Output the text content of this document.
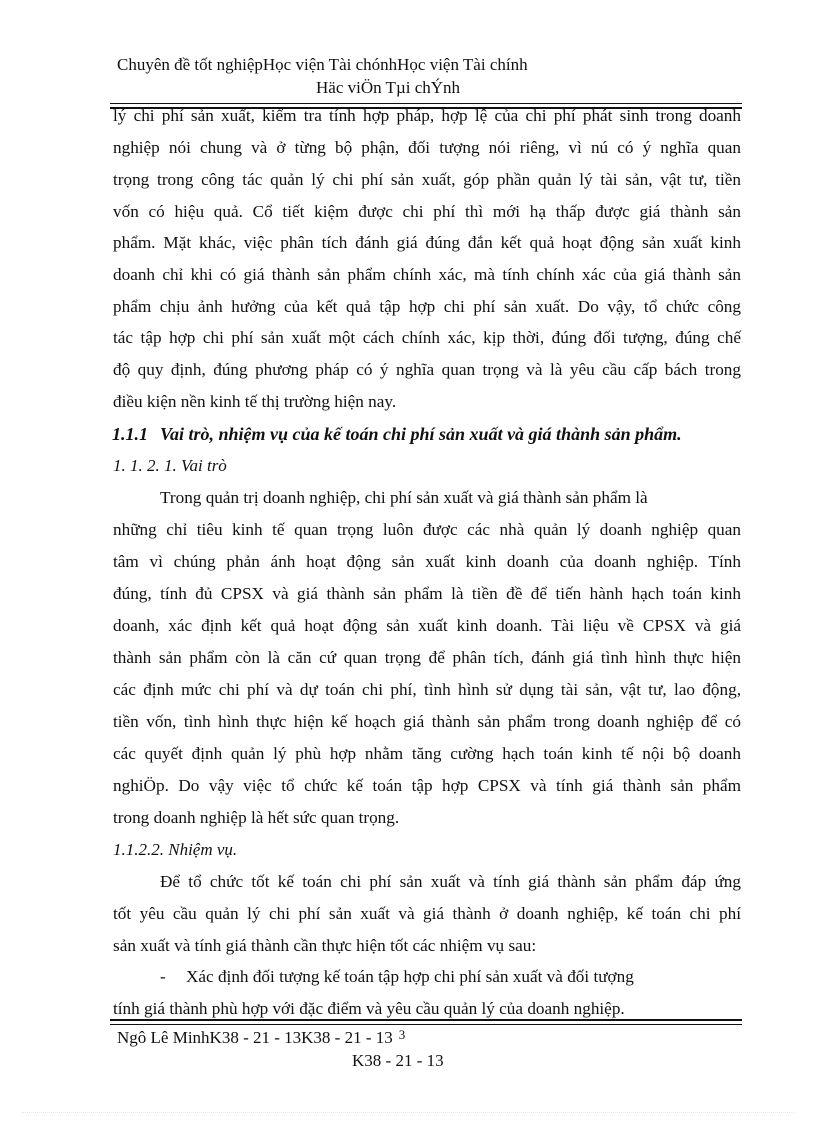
Chuyên đề tốt nghiệpHọc viện Tài chónhHọc viện Tài chính
Häc viÖn Tµi chÝnh
lý chi phí sản xuất, kiểm tra tính hợp pháp, hợp lệ của chi phí phát sinh trong doanh
nghiệp nói chung và ở từng bộ phận, đối tượng nói riêng, vì nú có ý nghĩa quan
trọng trong công tác quản lý chi phí sản xuất, góp phần quản lý tài sản, vật tư, tiền
vốn có hiệu quả. Cổ tiết kiệm được chi phí thì mới hạ thấp được giá thành sản
phẩm. Mặt khác, việc phân tích đánh giá đúng đắn kết quả hoạt động sản xuất kinh
doanh chỉ khi có giá thành sản phẩm chính xác, mà tính chính xác của giá thành sản
phẩm chịu ảnh hưởng của kết quả tập hợp chi phí sản xuất. Do vậy, tổ chức công
tác tập hợp chi phí sản xuất một cách chính xác, kịp thời, đúng đối tượng, đúng chế
độ quy định, đúng phương pháp có ý nghĩa quan trọng và là yêu cầu cấp bách trong
điều kiện nền kinh tế thị trường hiện nay.
1.1.1 Vai trò, nhiệm vụ của kế toán chi phí sản xuất và giá thành sản phẩm.
1. 1. 2. 1. Vai trò
Trong quản trị doanh nghiệp, chi phí sản xuất và giá thành sản phẩm là
những chỉ tiêu kinh tế quan trọng luôn được các nhà quản lý doanh nghiệp quan
tâm vì chúng phản ánh hoạt động sản xuất kinh doanh của doanh nghiệp. Tính
đúng, tính đủ CPSX và giá thành sản phẩm là tiền đề để tiến hành hạch toán kinh
doanh, xác định kết quả hoạt động sản xuất kinh doanh. Tài liệu về CPSX và giá
thành sản phẩm còn là căn cứ quan trọng để phân tích, đánh giá tình hình thực hiện
các định mức chi phí và dự toán chi phí, tình hình sử dụng tài sản, vật tư, lao động,
tiền vốn, tình hình thực hiện kế hoạch giá thành sản phẩm trong doanh nghiệp để có
các quyết định quản lý phù hợp nhằm tăng cường hạch toán kinh tế nội bộ doanh
nghiÖp. Do vậy việc tổ chức kế toán tập hợp CPSX và tính giá thành sản phẩm
trong doanh nghiệp là hết sức quan trọng.
1.1.2.2. Nhiệm vụ.
Để tổ chức tốt kế toán chi phí sản xuất và tính giá thành sản phẩm đáp ứng
tốt yêu cầu quản lý chi phí sản xuất và giá thành ở doanh nghiệp, kế toán chi phí
sản xuất và tính giá thành cần thực hiện tốt các nhiệm vụ sau:
- Xác định đối tượng kế toán tập hợp chi phí sản xuất và đối tượng
tính giá thành phù hợp với đặc điểm và yêu cầu quản lý của doanh nghiệp.
Ngô Lê MinhK38 - 21 - 13K38 - 21 - 13 $^3$
K38 - 21 - 13
